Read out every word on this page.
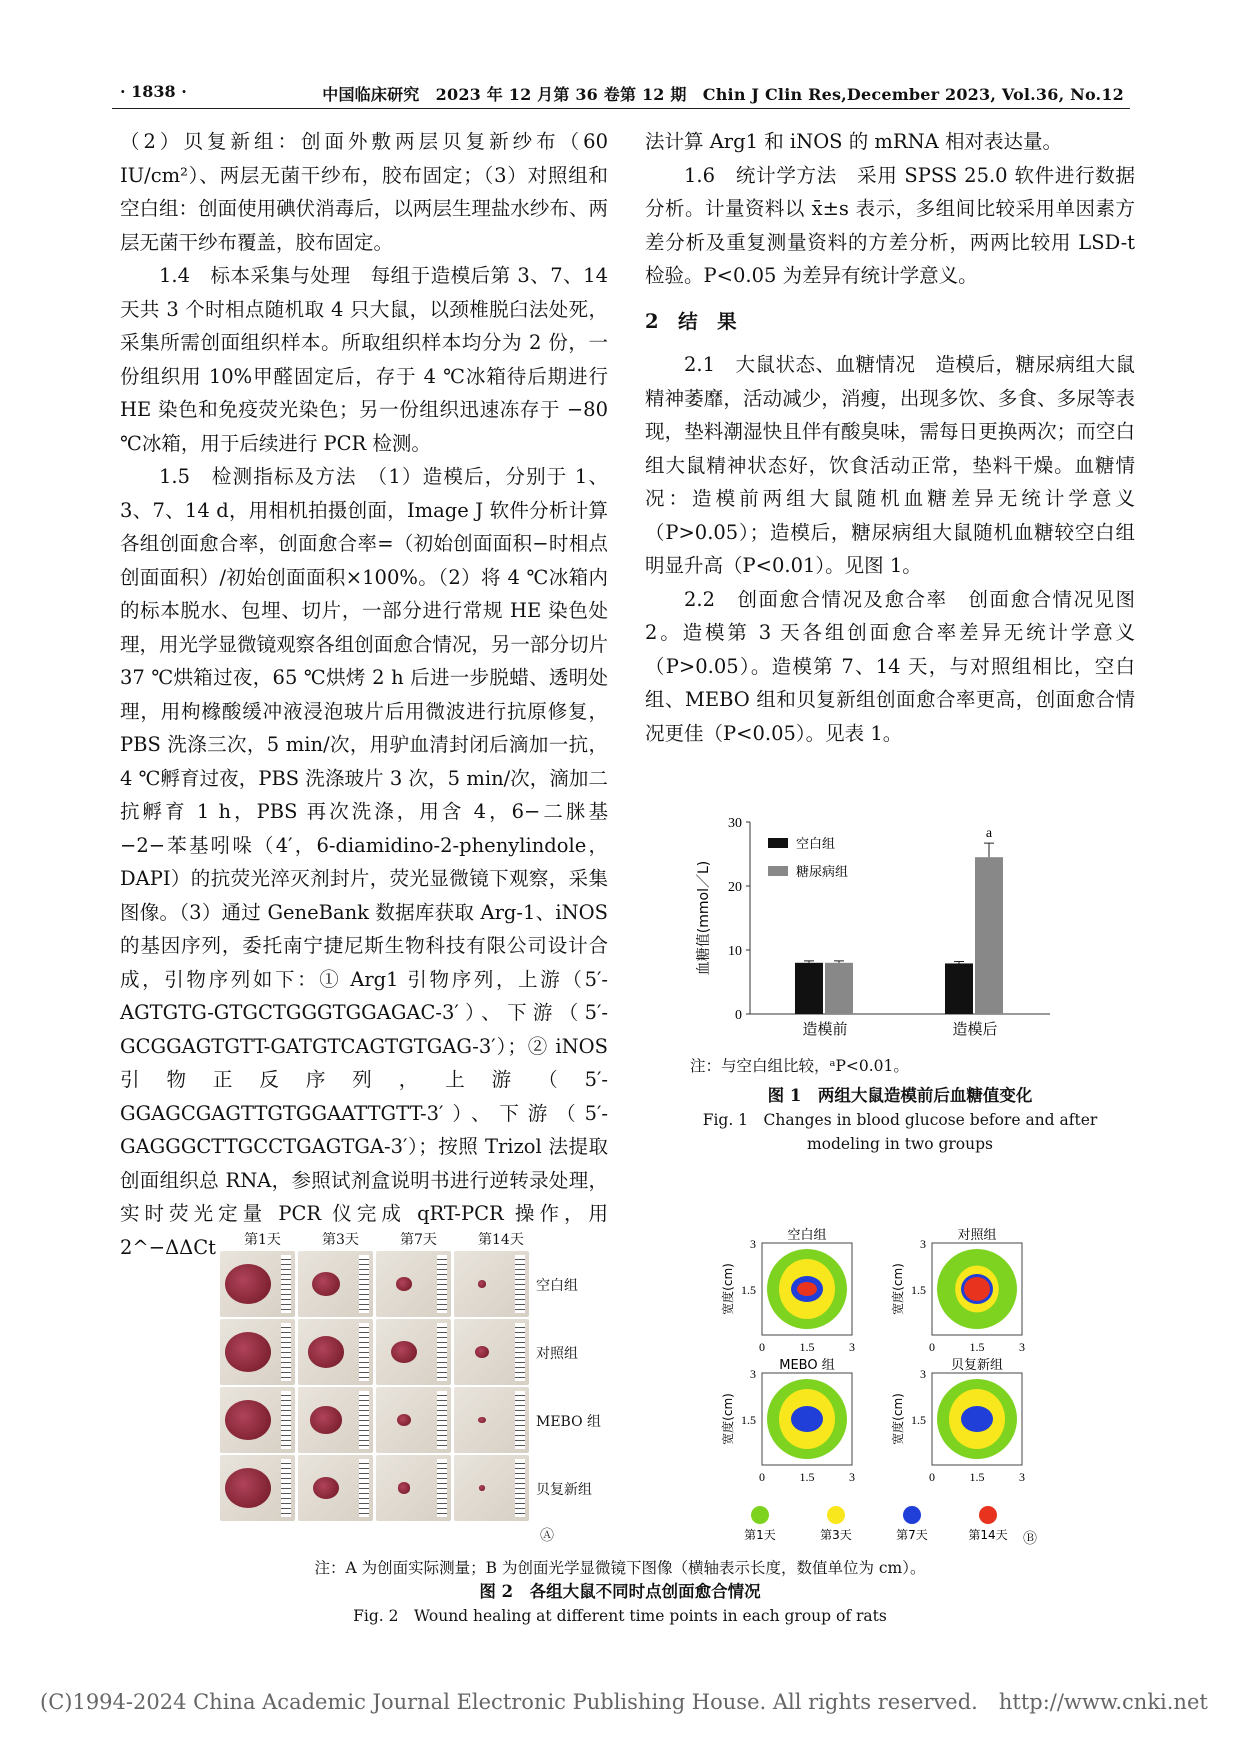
· 1838 ·	中国临床研究　2023 年 12 月第 36 卷第 12 期　Chin J Clin Res,December 2023, Vol.36, No.12

（2）贝复新组：创面外敷两层贝复新纱布（60 IU/cm²）、两层无菌干纱布，胶布固定；（3）对照组和空白组：创面使用碘伏消毒后，以两层生理盐水纱布、两层无菌干纱布覆盖，胶布固定。

1.4　标本采集与处理　每组于造模后第 3、7、14 天共 3 个时相点随机取 4 只大鼠，以颈椎脱臼法处死，采集所需创面组织样本。所取组织样本均分为 2 份，一份组织用 10%甲醛固定后，存于 4 ℃冰箱待后期进行 HE 染色和免疫荧光染色；另一份组织迅速冻存于 −80 ℃冰箱，用于后续进行 PCR 检测。

1.5　检测指标及方法　（1）造模后，分别于 1、3、7、14 d，用相机拍摄创面，Image J 软件分析计算各组创面愈合率，创面愈合率=（初始创面面积−时相点创面面积）/初始创面面积×100%。（2）将 4 ℃冰箱内的标本脱水、包埋、切片，一部分进行常规 HE 染色处理，用光学显微镜观察各组创面愈合情况，另一部分切片 37 ℃烘箱过夜，65 ℃烘烤 2 h 后进一步脱蜡、透明处理，用枸橼酸缓冲液浸泡玻片后用微波进行抗原修复，PBS 洗涤三次，5 min/次，用驴血清封闭后滴加一抗，4 ℃孵育过夜，PBS 洗涤玻片 3 次，5 min/次，滴加二抗孵育 1 h，PBS 再次洗涤，用含 4，6−二脒基−2−苯基吲哚（4′，6-diamidino-2-phenylindole，DAPI）的抗荧光淬灭剂封片，荧光显微镜下观察，采集图像。（3）通过 GeneBank 数据库获取 Arg-1、iNOS 的基因序列，委托南宁捷尼斯生物科技有限公司设计合成，引物序列如下：① Arg1 引物序列，上游（5′-AGTGTG-GTGCTGGGTGGAGAC-3′）、下游（5′-GCGGAGTGTT-GATGTCAGTGTGAG-3′）；② iNOS 引物正反序列，上游（5′-GGAGCGAGTTGTGGAATTGTT-3′）、下游（5′-GAGGGCTTGCCTGAGTGA-3′）；按照 Trizol 法提取创面组织总 RNA，参照试剂盒说明书进行逆转录处理，实时荧光定量 PCR 仪完成 qRT-PCR 操作，用 2^−ΔΔCt

法计算 Arg1 和 iNOS 的 mRNA 相对表达量。

1.6　统计学方法　采用 SPSS 25.0 软件进行数据分析。计量资料以 x̄±s 表示，多组间比较采用单因素方差分析及重复测量资料的方差分析，两两比较用 LSD-t 检验。P<0.05 为差异有统计学意义。

2　结　果

2.1　大鼠状态、血糖情况　造模后，糖尿病组大鼠精神萎靡，活动减少，消瘦，出现多饮、多食、多尿等表现，垫料潮湿快且伴有酸臭味，需每日更换两次；而空白组大鼠精神状态好，饮食活动正常，垫料干燥。血糖情况：造模前两组大鼠随机血糖差异无统计学意义（P>0.05）；造模后，糖尿病组大鼠随机血糖较空白组明显升高（P<0.01）。见图 1。

2.2　创面愈合情况及愈合率　创面愈合情况见图 2。造模第 3 天各组创面愈合率差异无统计学意义（P>0.05）。造模第 7、14 天，与对照组相比，空白组、MEBO 组和贝复新组创面愈合率更高，创面愈合情况更佳（P<0.05）。见表 1。

0
10
20
30
血糖值(mmol／L)
造模前
a
造模后
空白组
糖尿病组
注：与空白组比较，ᵃP<0.01。
图 1　两组大鼠造模前后血糖值变化
Fig. 1　Changes in blood glucose before and after modeling in two groups
第1天	第3天	第7天	第14天
空白组
对照组
MEBO 组
贝复新组
Ⓐ
空白组
宽度(cm)
0	1.5
1.5
3
3
对照组
宽度(cm)
0	1.5
1.5
3
3
MEBO 组
宽度(cm)
0	1.5
1.5
3
3
贝复新组
宽度(cm)
0	1.5
1.5
3
3
第1天	第3天	第7天	第14天 Ⓑ
注：A 为创面实际测量；B 为创面光学显微镜下图像（横轴表示长度，数值单位为 cm）。
图 2　各组大鼠不同时点创面愈合情况
Fig. 2　Wound healing at different time points in each group of rats
(C)1994-2024 China Academic Journal Electronic Publishing House. All rights reserved.　http://www.cnki.net
